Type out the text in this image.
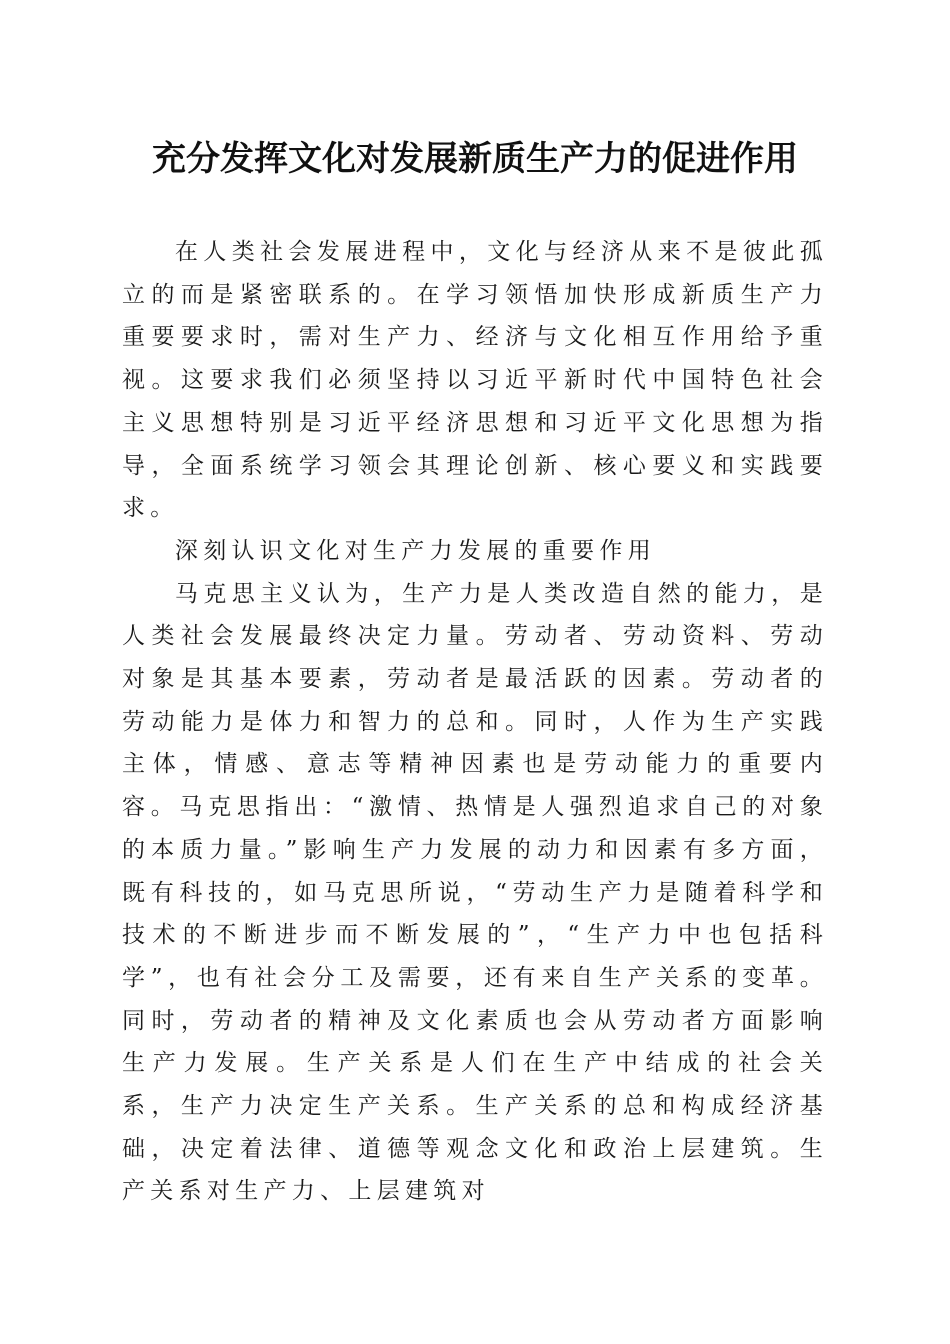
充分发挥文化对发展新质生产力的促进作用

在人类社会发展进程中，文化与经济从来不是彼此孤立的而是紧密联系的。在学习领悟加快形成新质生产力重要要求时，需对生产力、经济与文化相互作用给予重视。这要求我们必须坚持以习近平新时代中国特色社会主义思想特别是习近平经济思想和习近平文化思想为指导，全面系统学习领会其理论创新、核心要义和实践要求。

深刻认识文化对生产力发展的重要作用

马克思主义认为，生产力是人类改造自然的能力，是人类社会发展最终决定力量。劳动者、劳动资料、劳动对象是其基本要素，劳动者是最活跃的因素。劳动者的劳动能力是体力和智力的总和。同时，人作为生产实践主体，情感、意志等精神因素也是劳动能力的重要内容。马克思指出：“激情、热情是人强烈追求自己的对象的本质力量。”影响生产力发展的动力和因素有多方面，既有科技的，如马克思所说，“劳动生产力是随着科学和技术的不断进步而不断发展的”，“生产力中也包括科学”，也有社会分工及需要，还有来自生产关系的变革。同时，劳动者的精神及文化素质也会从劳动者方面影响生产力发展。生产关系是人们在生产中结成的社会关系，生产力决定生产关系。生产关系的总和构成经济基础，决定着法律、道德等观念文化和政治上层建筑。生产关系对生产力、上层建筑对
